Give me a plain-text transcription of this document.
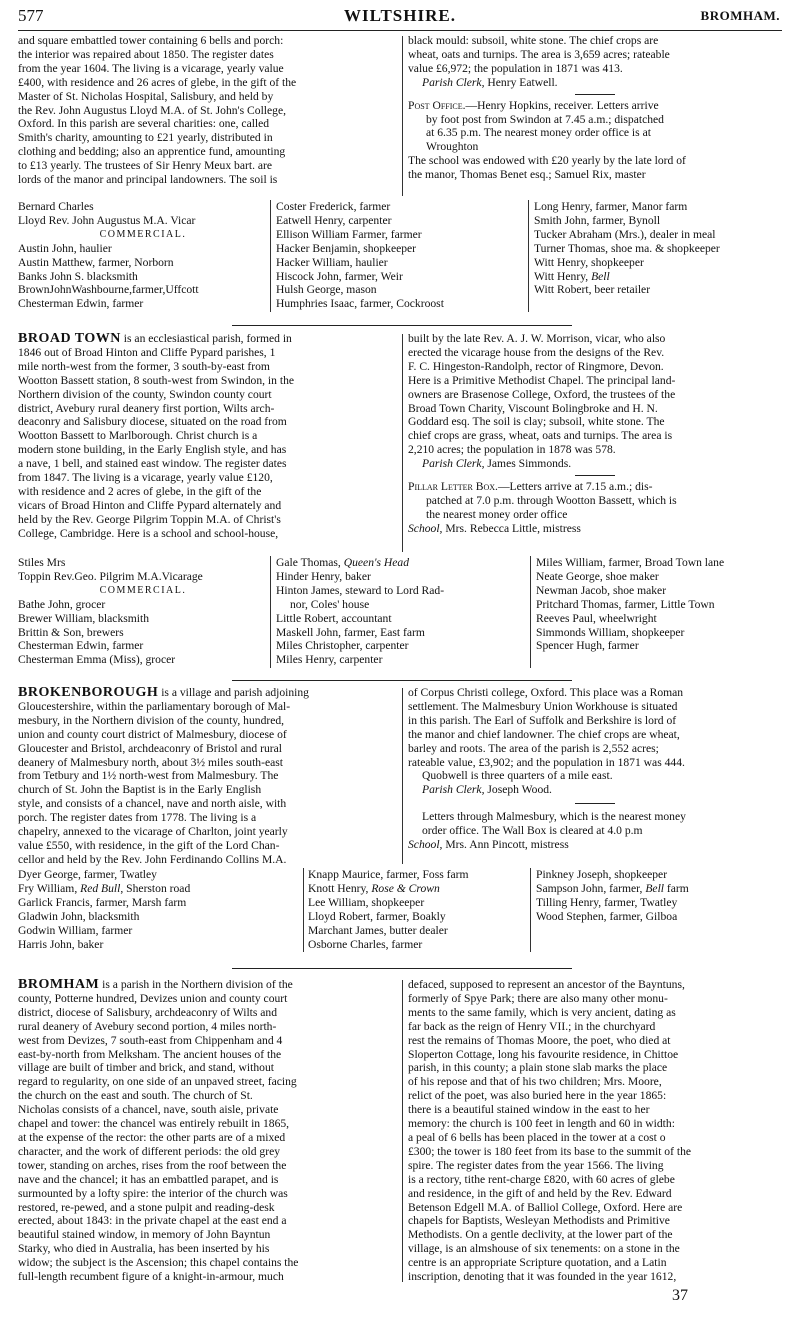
577	WILTSHIRE.	BROMHAM.
and square embattled tower containing 6 bells and porch:
the interior was repaired about 1850. The register dates
from the year 1604. The living is a vicarage, yearly value
£400, with residence and 26 acres of glebe, in the gift of the
Master of St. Nicholas Hospital, Salisbury, and held by
the Rev. John Augustus Lloyd M.A. of St. John's College,
Oxford. In this parish are several charities: one, called
Smith's charity, amounting to £21 yearly, distributed in
clothing and bedding; also an apprentice fund, amounting
to £13 yearly. The trustees of Sir Henry Meux bart. are
lords of the manor and principal landowners. The soil is
black mould: subsoil, white stone. The chief crops are
wheat, oats and turnips. The area is 3,659 acres; rateable
value £6,972; the population in 1871 was 413.

Parish Clerk, Henry Eatwell.

Post Office.—Henry Hopkins, receiver. Letters arrive
by foot post from Swindon at 7.45 a.m.; dispatched
at 6.35 p.m. The nearest money order office is at
Wroughton

The school was endowed with £20 yearly by the late lord of
the manor, Thomas Benet esq.; Samuel Rix, master
Bernard Charles
Lloyd Rev. John Augustus M.A. Vicar
COMMERCIAL.
Austin John, haulier
Austin Matthew, farmer, Norborn
Banks John S. blacksmith
BrownJohnWashbourne,farmer,Uffcott
Chesterman Edwin, farmer
Coster Frederick, farmer
Eatwell Henry, carpenter
Ellison William Farmer, farmer
Hacker Benjamin, shopkeeper
Hacker William, haulier
Hiscock John, farmer, Weir
Hulsh George, mason
Humphries Isaac, farmer, Cockroost
Long Henry, farmer, Manor farm
Smith John, farmer, Bynoll
Tucker Abraham (Mrs.), dealer in meal
Turner Thomas, shoe ma. & shopkeeper
Witt Henry, shopkeeper
Witt Henry, Bell
Witt Robert, beer retailer

BROAD TOWN is an ecclesiastical parish, formed in

1846 out of Broad Hinton and Cliffe Pypard parishes, 1
mile north-west from the former, 3 south-by-east from
Wootton Bassett station, 8 south-west from Swindon, in the
Northern division of the county, Swindon county court
district, Avebury rural deanery first portion, Wilts arch-
deaconry and Salisbury diocese, situated on the road from
Wootton Bassett to Marlborough. Christ church is a
modern stone building, in the Early English style, and has
a nave, 1 bell, and stained east window. The register dates
from 1847. The living is a vicarage, yearly value £120,
with residence and 2 acres of glebe, in the gift of the
vicars of Broad Hinton and Cliffe Pypard alternately and
held by the Rev. George Pilgrim Toppin M.A. of Christ's
College, Cambridge. Here is a school and school-house,
built by the late Rev. A. J. W. Morrison, vicar, who also
erected the vicarage house from the designs of the Rev.
F. C. Hingeston-Randolph, rector of Ringmore, Devon.
Here is a Primitive Methodist Chapel. The principal land-
owners are Brasenose College, Oxford, the trustees of the
Broad Town Charity, Viscount Bolingbroke and H. N.
Goddard esq. The soil is clay; subsoil, white stone. The
chief crops are grass, wheat, oats and turnips. The area is
2,210 acres; the population in 1878 was 578.

Parish Clerk, James Simmonds.

Pillar Letter Box.—Letters arrive at 7.15 a.m.; dis-
patched at 7.0 p.m. through Wootton Bassett, which is
the nearest money order office

School, Mrs. Rebecca Little, mistress

Stiles Mrs
Toppin Rev.Geo. Pilgrim M.A.Vicarage
COMMERCIAL.
Bathe John, grocer
Brewer William, blacksmith
Brittin & Son, brewers
Chesterman Edwin, farmer
Chesterman Emma (Miss), grocer
Gale Thomas, Queen's Head
Hinder Henry, baker
Hinton James, steward to Lord Rad-
nor, Coles' house
Little Robert, accountant
Maskell John, farmer, East farm
Miles Christopher, carpenter
Miles Henry, carpenter
Miles William, farmer, Broad Town lane
Neate George, shoe maker
Newman Jacob, shoe maker
Pritchard Thomas, farmer, Little Town
Reeves Paul, wheelwright
Simmonds William, shopkeeper
Spencer Hugh, farmer

BROKENBOROUGH is a village and parish adjoining

Gloucestershire, within the parliamentary borough of Mal-
mesbury, in the Northern division of the county, hundred,
union and county court district of Malmesbury, diocese of
Gloucester and Bristol, archdeaconry of Bristol and rural
deanery of Malmesbury north, about 3½ miles south-east
from Tetbury and 1½ north-west from Malmesbury. The
church of St. John the Baptist is in the Early English
style, and consists of a chancel, nave and north aisle, with
porch. The register dates from 1778. The living is a
chapelry, annexed to the vicarage of Charlton, joint yearly
value £550, with residence, in the gift of the Lord Chan-
cellor and held by the Rev. John Ferdinando Collins M.A.
of Corpus Christi college, Oxford. This place was a Roman
settlement. The Malmesbury Union Workhouse is situated
in this parish. The Earl of Suffolk and Berkshire is lord of
the manor and chief landowner. The chief crops are wheat,
barley and roots. The area of the parish is 2,552 acres;
rateable value, £3,902; and the population in 1871 was 444.

Quobwell is three quarters of a mile east.

Parish Clerk, Joseph Wood.

Letters through Malmesbury, which is the nearest money
order office. The Wall Box is cleared at 4.0 p.m

School, Mrs. Ann Pincott, mistress

Dyer George, farmer, Twatley
Fry William, Red Bull, Sherston road
Garlick Francis, farmer, Marsh farm
Gladwin John, blacksmith
Godwin William, farmer
Harris John, baker
Knapp Maurice, farmer, Foss farm
Knott Henry, Rose & Crown
Lee William, shopkeeper
Lloyd Robert, farmer, Boakly
Marchant James, butter dealer
Osborne Charles, farmer
Pinkney Joseph, shopkeeper
Sampson John, farmer, Bell farm
Tilling Henry, farmer, Twatley
Wood Stephen, farmer, Gilboa

BROMHAM is a parish in the Northern division of the

county, Potterne hundred, Devizes union and county court
district, diocese of Salisbury, archdeaconry of Wilts and
rural deanery of Avebury second portion, 4 miles north-
west from Devizes, 7 south-east from Chippenham and 4
east-by-north from Melksham. The ancient houses of the
village are built of timber and brick, and stand, without
regard to regularity, on one side of an unpaved street, facing
the church on the east and south. The church of St.
Nicholas consists of a chancel, nave, south aisle, private
chapel and tower: the chancel was entirely rebuilt in 1865,
at the expense of the rector: the other parts are of a mixed
character, and the work of different periods: the old grey
tower, standing on arches, rises from the roof between the
nave and the chancel; it has an embattled parapet, and is
surmounted by a lofty spire: the interior of the church was
restored, re-pewed, and a stone pulpit and reading-desk
erected, about 1843: in the private chapel at the east end a
beautiful stained window, in memory of John Bayntun
Starky, who died in Australia, has been inserted by his
widow; the subject is the Ascension; this chapel contains the
full-length recumbent figure of a knight-in-armour, much
defaced, supposed to represent an ancestor of the Bayntuns,
formerly of Spye Park; there are also many other monu-
ments to the same family, which is very ancient, dating as
far back as the reign of Henry VII.; in the churchyard
rest the remains of Thomas Moore, the poet, who died at
Sloperton Cottage, long his favourite residence, in Chittoe
parish, in this county; a plain stone slab marks the place
of his repose and that of his two children; Mrs. Moore,
relict of the poet, was also buried here in the year 1865:
there is a beautiful stained window in the east to her
memory: the church is 100 feet in length and 60 in width:
a peal of 6 bells has been placed in the tower at a cost o
£300; the tower is 180 feet from its base to the summit of the
spire. The register dates from the year 1566. The living
is a rectory, tithe rent-charge £820, with 60 acres of glebe
and residence, in the gift of and held by the Rev. Edward
Betenson Edgell M.A. of Balliol College, Oxford. Here are
chapels for Baptists, Wesleyan Methodists and Primitive
Methodists. On a gentle declivity, at the lower part of the
village, is an almshouse of six tenements: on a stone in the
centre is an appropriate Scripture quotation, and a Latin
inscription, denoting that it was founded in the year 1612,
37
